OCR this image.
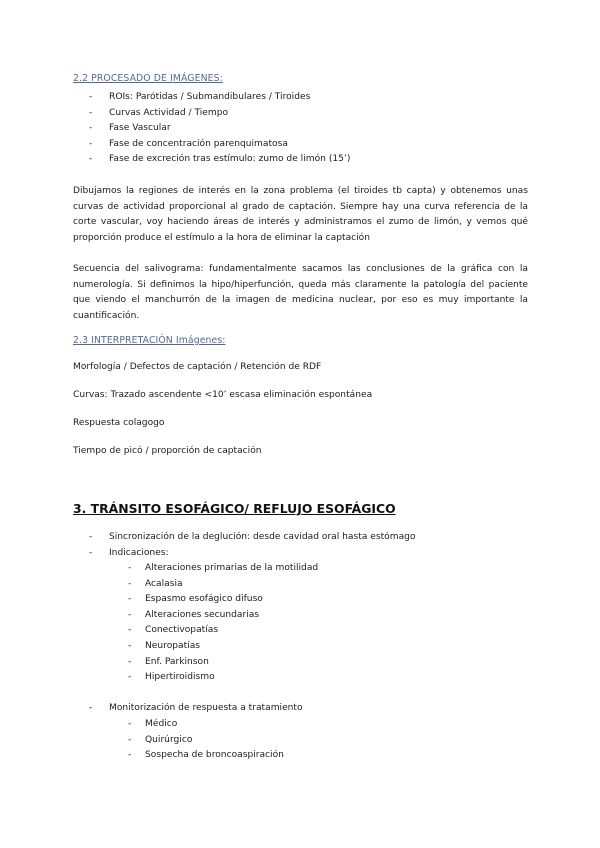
2.2 PROCESADO DE IMÁGENES:
- ROIs: Parótidas / Submandibulares / Tiroides
- Curvas Actividad / Tiempo
- Fase Vascular
- Fase de concentración parenquimatosa
- Fase de excreción tras estímulo: zumo de limón (15’)

Dibujamos la regiones de interés en la zona problema (el tiroides tb capta) y obtenemos unas curvas de actividad proporcional al grado de captación. Siempre hay una curva referencia de la corte vascular, voy haciendo áreas de interés y administramos el zumo de limón, y vemos qué proporción produce el estímulo a la hora de eliminar la captación

Secuencia del salivograma: fundamentalmente sacamos las conclusiones de la gráfica con la numerología. Si definimos la hipo/hiperfunción, queda más claramente la patología del paciente que viendo el manchurrón de la imagen de medicina nuclear, por eso es muy importante la cuantificación.

2.3 INTERPRETACIÓN Imágenes:

Morfología / Defectos de captación / Retención de RDF

Curvas: Trazado ascendente <10’ escasa eliminación espontánea

Respuesta colagogo

Tiempo de picó / proporción de captación

3. TRÁNSITO ESOFÁGICO/ REFLUJO ESOFÁGICO
- Sincronización de la deglución: desde cavidad oral hasta estómago
- Indicaciones:
- Alteraciones primarias de la motilidad
- Acalasia
- Espasmo esofágico difuso
- Alteraciones secundarias
- Conectivopatías
- Neuropatías
- Enf. Parkinson
- Hipertiroidismo
- Monitorización de respuesta a tratamiento
- Médico
- Quirúrgico
- Sospecha de broncoaspiración
